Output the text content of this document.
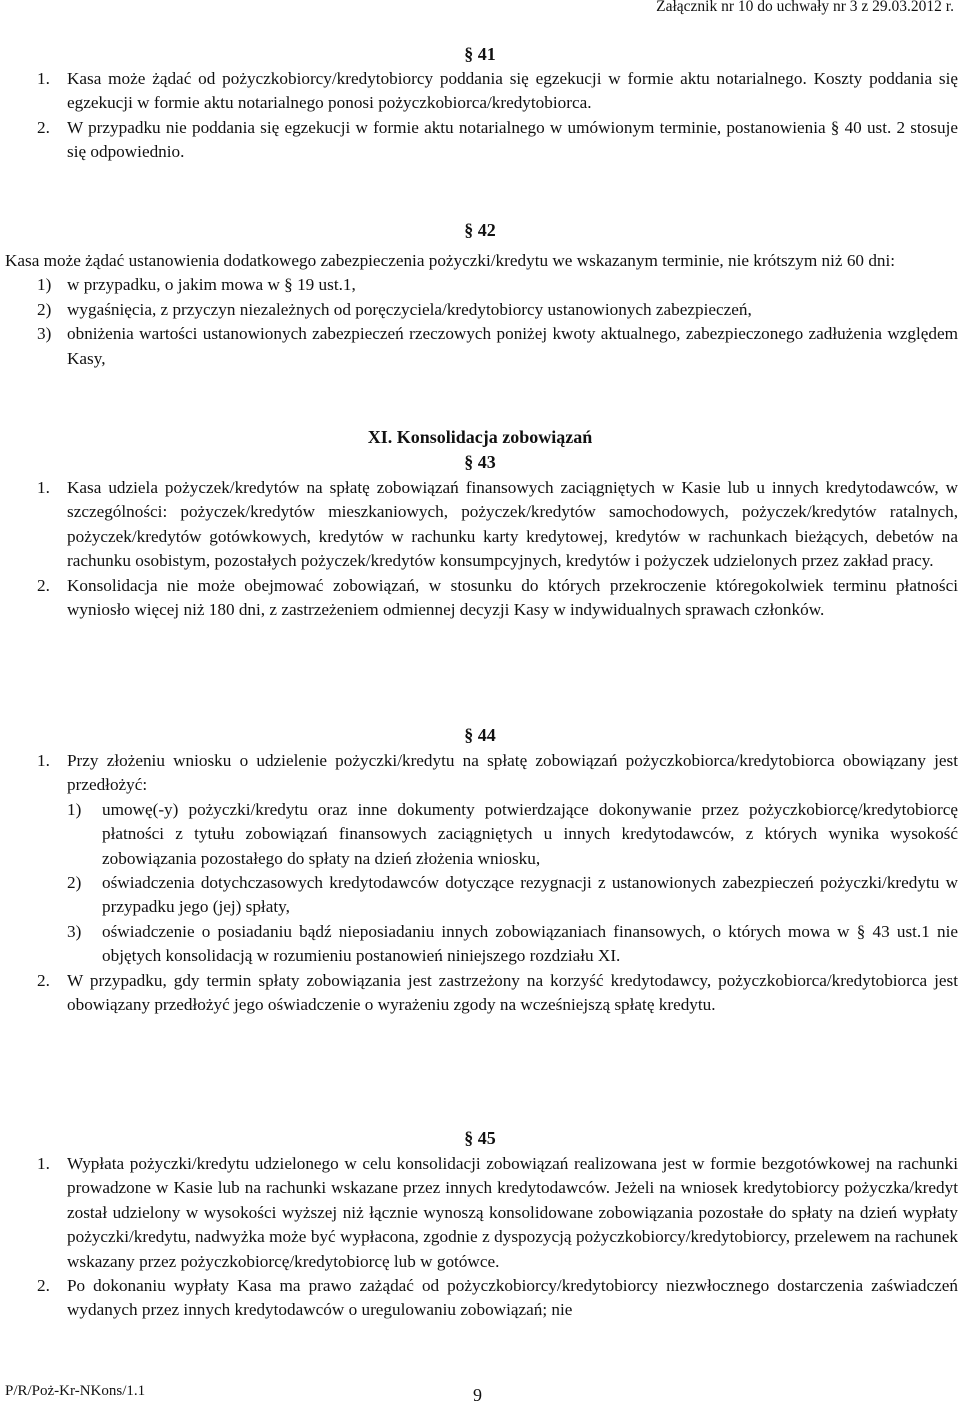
Załącznik nr 10 do uchwały nr 3 z 29.03.2012 r.
§ 41
1. Kasa może żądać od pożyczkobiorcy/kredytobiorcy poddania się egzekucji w formie aktu notarialnego. Koszty poddania się egzekucji w formie aktu notarialnego ponosi pożyczkobiorca/kredytobiorca.
2. W przypadku nie poddania się egzekucji w formie aktu notarialnego w umówionym terminie, postanowienia § 40 ust. 2 stosuje się odpowiednio.
§ 42
Kasa może żądać ustanowienia dodatkowego zabezpieczenia pożyczki/kredytu we wskazanym terminie, nie krótszym niż 60 dni:
1) w przypadku, o jakim mowa w § 19 ust.1,
2) wygaśnięcia, z przyczyn niezależnych od poręczyciela/kredytobiorcy ustanowionych zabezpieczeń,
3) obniżenia wartości ustanowionych zabezpieczeń rzeczowych poniżej kwoty aktualnego, zabezpieczonego zadłużenia względem Kasy,
XI. Konsolidacja zobowiązań
§ 43
1. Kasa udziela pożyczek/kredytów na spłatę zobowiązań finansowych zaciągniętych w Kasie lub u innych kredytodawców, w szczególności: pożyczek/kredytów mieszkaniowych, pożyczek/kredytów samochodowych, pożyczek/kredytów ratalnych, pożyczek/kredytów gotówkowych, kredytów w rachunku karty kredytowej, kredytów w rachunkach bieżących, debetów na rachunku osobistym, pozostałych pożyczek/kredytów konsumpcyjnych, kredytów i pożyczek udzielonych przez zakład pracy.
2. Konsolidacja nie może obejmować zobowiązań, w stosunku do których przekroczenie któregokolwiek terminu płatności wyniosło więcej niż 180 dni, z zastrzeżeniem odmiennej decyzji Kasy w indywidualnych sprawach członków.
§ 44
1. Przy złożeniu wniosku o udzielenie pożyczki/kredytu na spłatę zobowiązań pożyczkobiorca/kredytobiorca obowiązany jest przedłożyć:
1) umowę(-y) pożyczki/kredytu oraz inne dokumenty potwierdzające dokonywanie przez pożyczkobiorcę/kredytobiorcę płatności z tytułu zobowiązań finansowych zaciągniętych u innych kredytodawców, z których wynika wysokość zobowiązania pozostałego do spłaty na dzień złożenia wniosku,
2) oświadczenia dotychczasowych kredytodawców dotyczące rezygnacji z ustanowionych zabezpieczeń pożyczki/kredytu w przypadku jego (jej) spłaty,
3) oświadczenie o posiadaniu bądź nieposiadaniu innych zobowiązaniach finansowych, o których mowa w § 43 ust.1 nie objętych konsolidacją w rozumieniu postanowień niniejszego rozdziału XI.
2. W przypadku, gdy termin spłaty zobowiązania jest zastrzeżony na korzyść kredytodawcy, pożyczkobiorca/kredytobiorca jest obowiązany przedłożyć jego oświadczenie o wyrażeniu zgody na wcześniejszą spłatę kredytu.
§ 45
1. Wypłata pożyczki/kredytu udzielonego w celu konsolidacji zobowiązań realizowana jest w formie bezgotówkowej na rachunki prowadzone w Kasie lub na rachunki wskazane przez innych kredytodawców. Jeżeli na wniosek kredytobiorcy pożyczka/kredyt został udzielony w wysokości wyższej niż łącznie wynoszą konsolidowane zobowiązania pozostałe do spłaty na dzień wypłaty pożyczki/kredytu, nadwyżka może być wypłacona, zgodnie z dyspozycją pożyczkobiorcy/kredytobiorcy, przelewem na rachunek wskazany przez pożyczkobiorcę/kredytobiorcę lub w gotówce.
2. Po dokonaniu wypłaty Kasa ma prawo zażądać od pożyczkobiorcy/kredytobiorcy niezwłocznego dostarczenia zaświadczeń wydanych przez innych kredytodawców o uregulowaniu zobowiązań; nie
P/R/Poż-Kr-NKons/1.1	9
